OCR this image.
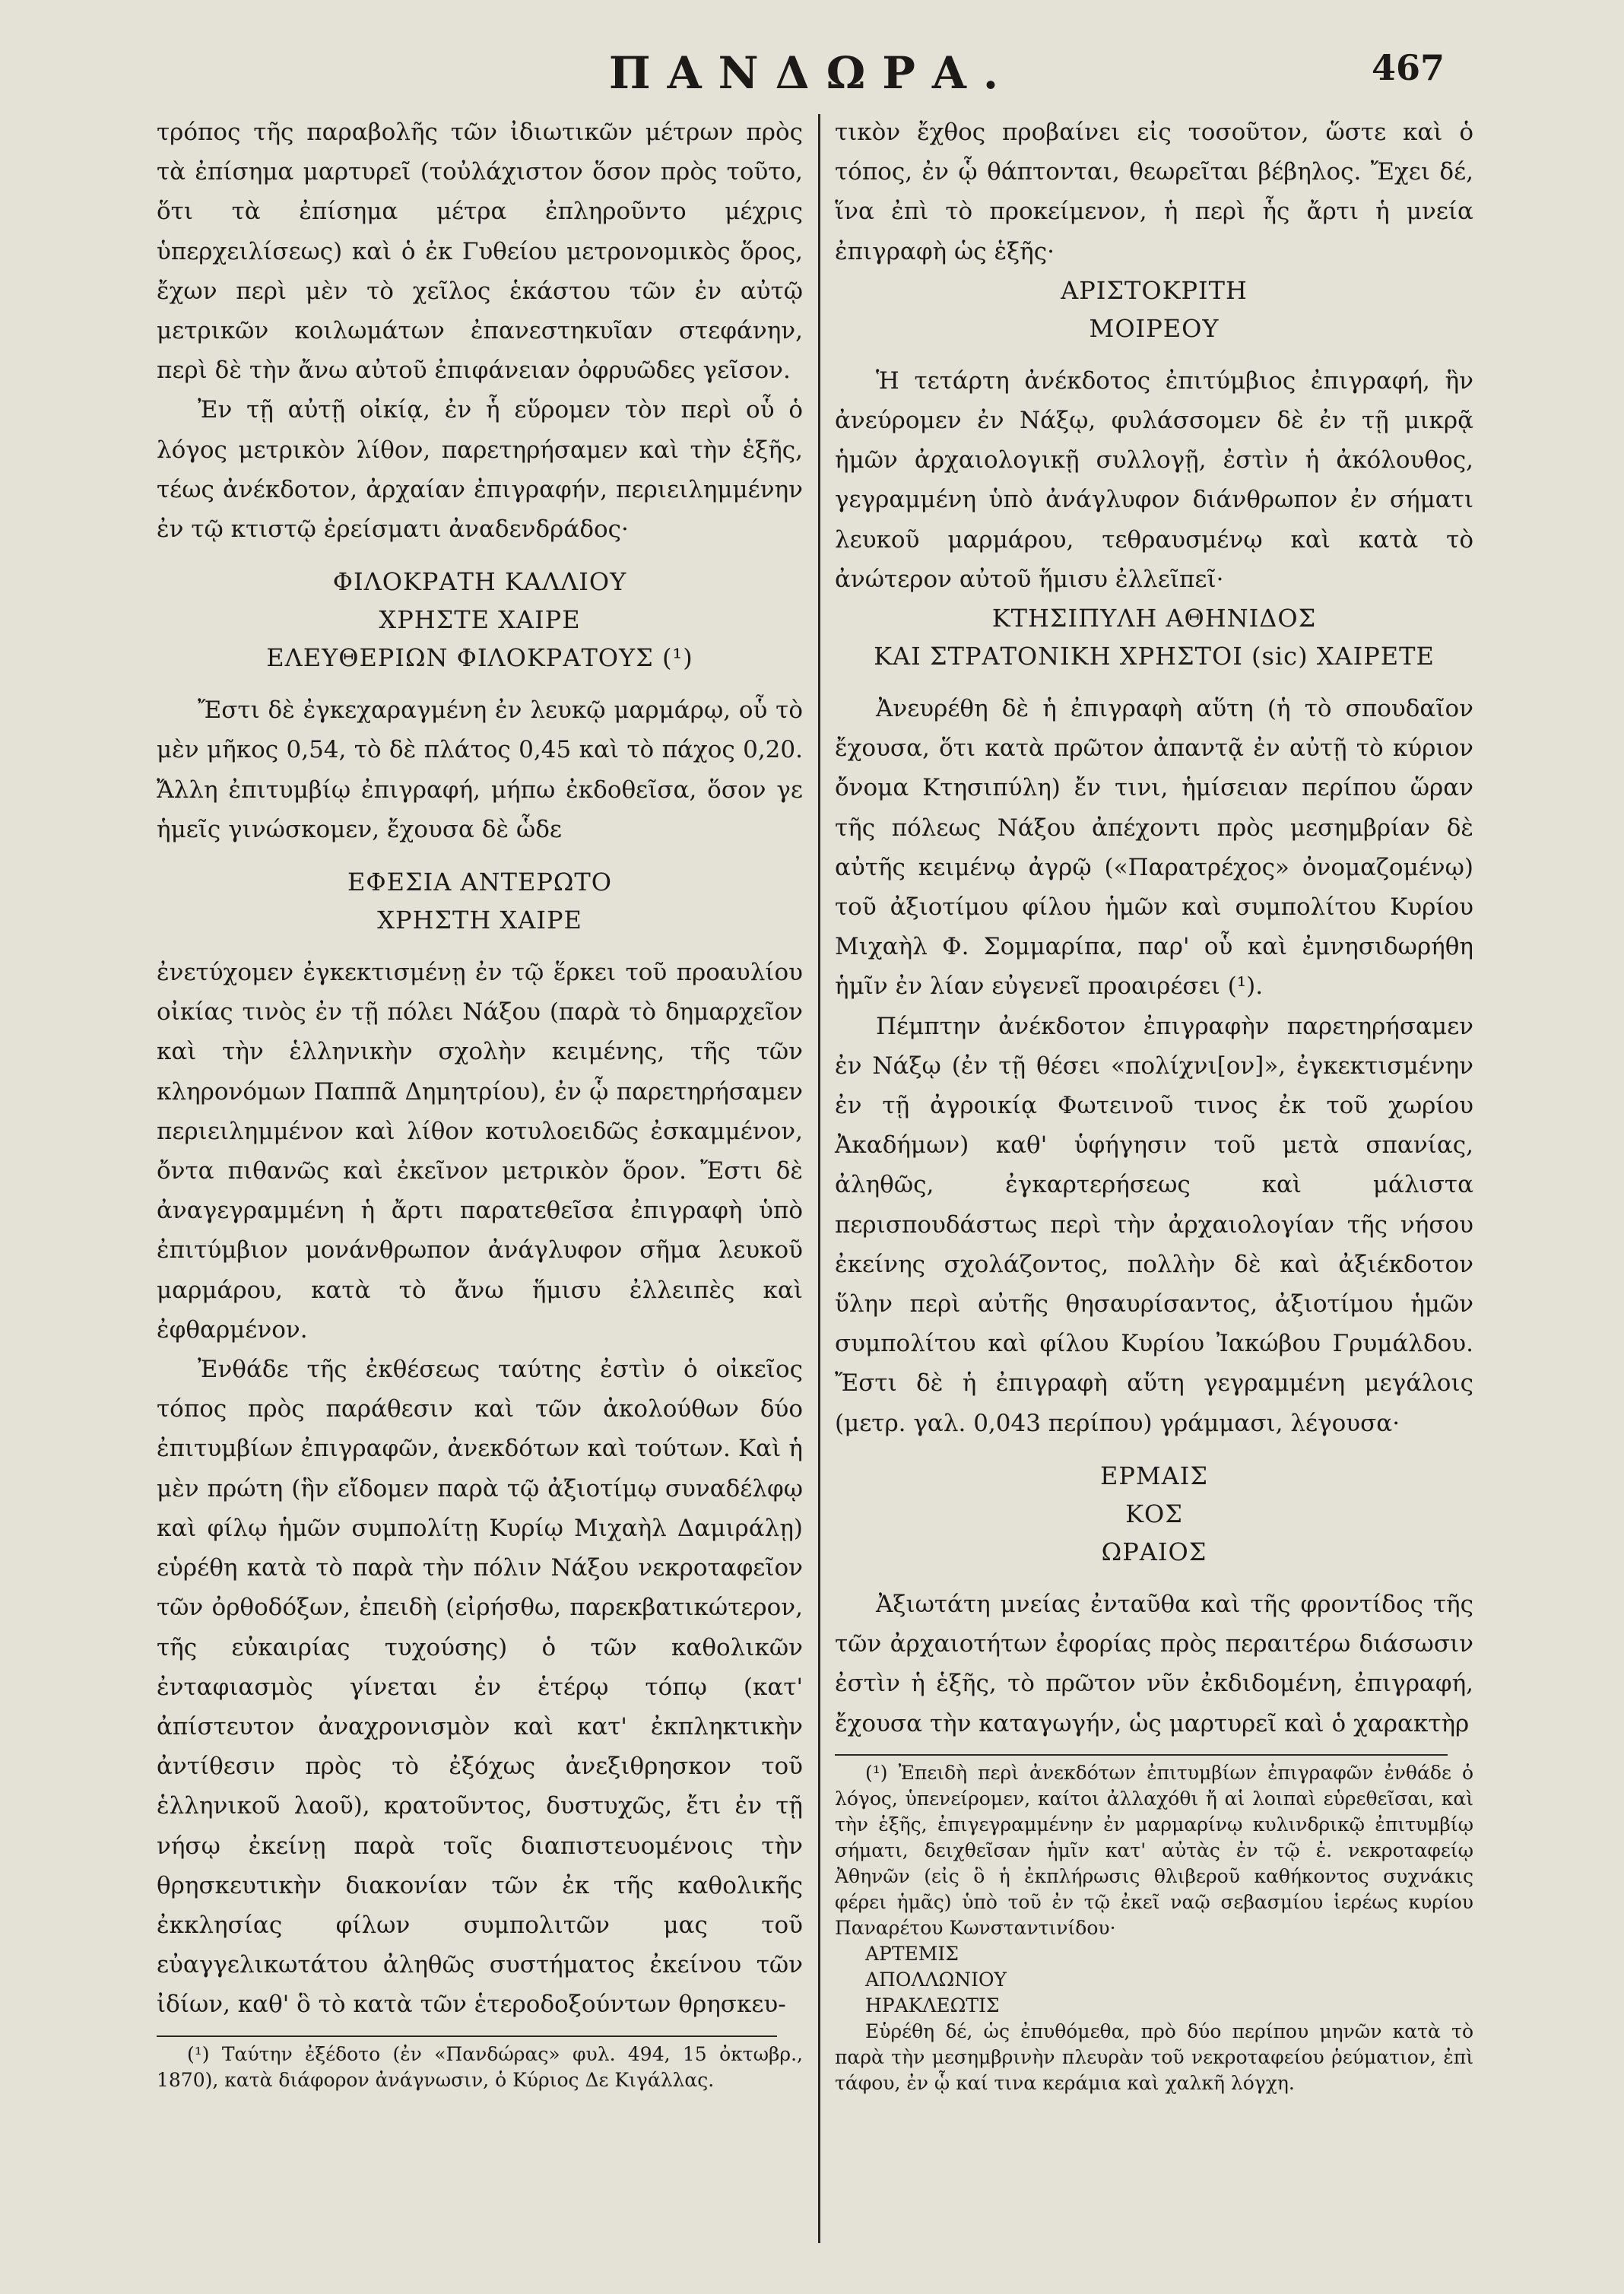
ΠΑΝΔΩΡΑ.	467

τρόπος τῆς παραβολῆς τῶν ἰδιωτικῶν μέτρων πρὸς τὰ ἐπίσημα μαρτυρεῖ (τοὐλάχιστον ὅσον πρὸς τοῦτο, ὅτι τὰ ἐπίσημα μέτρα ἐπληροῦντο μέχρις ὑπερχειλίσεως) καὶ ὁ ἐκ Γυθείου μετρονομικὸς ὅρος, ἔχων περὶ μὲν τὸ χεῖλος ἑκάστου τῶν ἐν αὐτῷ μετρικῶν κοιλωμάτων ἐπανεστηκυῖαν στεφάνην, περὶ δὲ τὴν ἄνω αὐτοῦ ἐπιφάνειαν ὀφρυῶδες γεῖσον.

Ἐν τῇ αὐτῇ οἰκίᾳ, ἐν ἧ εὕρομεν τὸν περὶ οὗ ὁ λόγος μετρικὸν λίθον, παρετηρήσαμεν καὶ τὴν ἑξῆς, τέως ἀνέκδοτον, ἀρχαίαν ἐπιγραφήν, περιειλημμένην ἐν τῷ κτιστῷ ἐρείσματι ἀναδενδράδος·

ΦΙΛΟΚΡΑΤΗ ΚΑΛΛΙΟΥ
ΧΡΗΣΤΕ ΧΑΙΡΕ
ΕΛΕΥΘΕΡΙΩΝ ΦΙΛΟΚΡΑΤΟΥΣ (¹)

Ἔστι δὲ ἐγκεχαραγμένη ἐν λευκῷ μαρμάρῳ, οὗ τὸ μὲν μῆκος 0,54, τὸ δὲ πλάτος 0,45 καὶ τὸ πάχος 0,20. Ἄλλη ἐπιτυμβίῳ ἐπιγραφή, μήπω ἐκδοθεῖσα, ὅσον γε ἡμεῖς γινώσκομεν, ἔχουσα δὲ ὧδε

ΕΦΕΣΙΑ ΑΝΤΕΡΩΤΟ
ΧΡΗΣΤΗ ΧΑΙΡΕ

ἐνετύχομεν ἐγκεκτισμένῃ ἐν τῷ ἕρκει τοῦ προαυλίου οἰκίας τινὸς ἐν τῇ πόλει Νάξου (παρὰ τὸ δημαρχεῖον καὶ τὴν ἑλληνικὴν σχολὴν κειμένης, τῆς τῶν κληρονόμων Παππᾶ Δημητρίου), ἐν ᾧ παρετηρήσαμεν περιειλημμένον καὶ λίθον κοτυλοειδῶς ἐσκαμμένον, ὄντα πιθανῶς καὶ ἐκεῖνον μετρικὸν ὅρον. Ἔστι δὲ ἀναγεγραμμένη ἡ ἄρτι παρατεθεῖσα ἐπιγραφὴ ὑπὸ ἐπιτύμβιον μονάνθρωπον ἀνάγλυφον σῆμα λευκοῦ μαρμάρου, κατὰ τὸ ἄνω ἥμισυ ἐλλειπὲς καὶ ἐφθαρμένον.

Ἐνθάδε τῆς ἐκθέσεως ταύτης ἐστὶν ὁ οἰκεῖος τόπος πρὸς παράθεσιν καὶ τῶν ἀκολούθων δύο ἐπιτυμβίων ἐπιγραφῶν, ἀνεκδότων καὶ τούτων. Καὶ ἡ μὲν πρώτη (ἣν εἴδομεν παρὰ τῷ ἀξιοτίμῳ συναδέλφῳ καὶ φίλῳ ἡμῶν συμπολίτῃ Κυρίῳ Μιχαὴλ Δαμιράλῃ) εὑρέθη κατὰ τὸ παρὰ τὴν πόλιν Νάξου νεκροταφεῖον τῶν ὀρθοδόξων, ἐπειδὴ (εἰρήσθω, παρεκβατικώτερον, τῆς εὐκαιρίας τυχούσης) ὁ τῶν καθολικῶν ἐνταφιασμὸς γίνεται ἐν ἑτέρῳ τόπῳ (κατ' ἀπίστευτον ἀναχρονισμὸν καὶ κατ' ἐκπληκτικὴν ἀντίθεσιν πρὸς τὸ ἐξόχως ἀνεξιθρησκον τοῦ ἑλληνικοῦ λαοῦ), κρατοῦντος, δυστυχῶς, ἔτι ἐν τῇ νήσῳ ἐκείνῃ παρὰ τοῖς διαπιστευομένοις τὴν θρησκευτικὴν διακονίαν τῶν ἐκ τῆς καθολικῆς ἐκκλησίας φίλων συμπολιτῶν μας τοῦ εὐαγγελικωτάτου ἀληθῶς συστήματος ἐκείνου τῶν ἰδίων, καθ' ὃ τὸ κατὰ τῶν ἑτεροδοξούντων θρησκευ-

(¹) Ταύτην ἐξέδοτο (ἐν «Πανδώρας» φυλ. 494, 15 ὀκτωβρ., 1870), κατὰ διάφορον ἀνάγνωσιν, ὁ Κύριος Δε Κιγάλλας.

τικὸν ἔχθος προβαίνει εἰς τοσοῦτον, ὥστε καὶ ὁ τόπος, ἐν ᾧ θάπτονται, θεωρεῖται βέβηλος. Ἔχει δέ, ἵνα ἐπὶ τὸ προκείμενον, ἡ περὶ ἧς ἄρτι ἡ μνεία ἐπιγραφὴ ὡς ἑξῆς·

ΑΡΙΣΤΟΚΡΙΤΗ
ΜΟΙΡΕΟΥ

Ἡ τετάρτη ἀνέκδοτος ἐπιτύμβιος ἐπιγραφή, ἣν ἀνεύρομεν ἐν Νάξῳ, φυλάσσομεν δὲ ἐν τῇ μικρᾷ ἡμῶν ἀρχαιολογικῇ συλλογῇ, ἐστὶν ἡ ἀκόλουθος, γεγραμμένη ὑπὸ ἀνάγλυφον διάνθρωπον ἐν σήματι λευκοῦ μαρμάρου, τεθραυσμένῳ καὶ κατὰ τὸ ἀνώτερον αὐτοῦ ἥμισυ ἐλλεῖπεῖ·

ΚΤΗΣΙΠΥΛΗ ΑΘΗΝΙΔΟΣ
ΚΑΙ ΣΤΡΑΤΟΝΙΚΗ ΧΡΗΣΤΟΙ (sic) ΧΑΙΡΕΤΕ

Ἀνευρέθη δὲ ἡ ἐπιγραφὴ αὕτη (ἡ τὸ σπουδαῖον ἔχουσα, ὅτι κατὰ πρῶτον ἀπαντᾷ ἐν αὐτῇ τὸ κύριον ὄνομα Κτησιπύλη) ἔν τινι, ἡμίσειαν περίπου ὥραν τῆς πόλεως Νάξου ἀπέχοντι πρὸς μεσημβρίαν δὲ αὐτῆς κειμένῳ ἀγρῷ («Παρατρέχος» ὀνομαζομένῳ) τοῦ ἀξιοτίμου φίλου ἡμῶν καὶ συμπολίτου Κυρίου Μιχαὴλ Φ. Σομμαρίπα, παρ' οὗ καὶ ἐμνησιδωρήθη ἡμῖν ἐν λίαν εὐγενεῖ προαιρέσει (¹).

Πέμπτην ἀνέκδοτον ἐπιγραφὴν παρετηρήσαμεν ἐν Νάξῳ (ἐν τῇ θέσει «πολίχνι[ον]», ἐγκεκτισμένην ἐν τῇ ἀγροικίᾳ Φωτεινοῦ τινος ἐκ τοῦ χωρίου Ἀκαδήμων) καθ' ὑφήγησιν τοῦ μετὰ σπανίας, ἀληθῶς, ἐγκαρτερήσεως καὶ μάλιστα περισπουδάστως περὶ τὴν ἀρχαιολογίαν τῆς νήσου ἐκείνης σχολάζοντος, πολλὴν δὲ καὶ ἀξιέκδοτον ὕλην περὶ αὐτῆς θησαυρίσαντος, ἀξιοτίμου ἡμῶν συμπολίτου καὶ φίλου Κυρίου Ἰακώβου Γρυμάλδου. Ἔστι δὲ ἡ ἐπιγραφὴ αὕτη γεγραμμένη μεγάλοις (μετρ. γαλ. 0,043 περίπου) γράμμασι, λέγουσα·

ΕΡΜΑΙΣ
ΚΟΣ
ΩΡΑΙΟΣ

Ἀξιωτάτη μνείας ἐνταῦθα καὶ τῆς φροντίδος τῆς τῶν ἀρχαιοτήτων ἐφορίας πρὸς περαιτέρω διάσωσιν ἐστὶν ἡ ἑξῆς, τὸ πρῶτον νῦν ἐκδιδομένη, ἐπιγραφή, ἔχουσα τὴν καταγωγήν, ὡς μαρτυρεῖ καὶ ὁ χαρακτὴρ

(¹) Ἐπειδὴ περὶ ἀνεκδότων ἐπιτυμβίων ἐπιγραφῶν ἐνθάδε ὁ λόγος, ὑπενείρομεν, καίτοι ἀλλαχόθι ἤ αἱ λοιπαὶ εὑρεθεῖσαι, καὶ τὴν ἑξῆς, ἐπιγεγραμμένην ἐν μαρμαρίνῳ κυλινδρικῷ ἐπιτυμβίῳ σήματι, δειχθεῖσαν ἡμῖν κατ' αὐτὰς ἐν τῷ ἐ. νεκροταφείῳ Ἀθηνῶν (εἰς ὃ ἡ ἐκπλήρωσις θλιβεροῦ καθήκοντος συχνάκις φέρει ἡμᾶς) ὑπὸ τοῦ ἐν τῷ ἐκεῖ ναῷ σεβασμίου ἱερέως κυρίου Παναρέτου Κωνσταντινίδου·

ΑΡΤΕΜΙΣ
ΑΠΟΛΛΩΝΙΟΥ
ΗΡΑΚΛΕΩΤΙΣ

Εὑρέθη δέ, ὡς ἐπυθόμεθα, πρὸ δύο περίπου μηνῶν κατὰ τὸ παρὰ τὴν μεσημβρινὴν πλευρὰν τοῦ νεκροταφείου ῥεύματιον, ἐπὶ τάφου, ἐν ᾧ καί τινα κεράμια καὶ χαλκῆ λόγχη.
